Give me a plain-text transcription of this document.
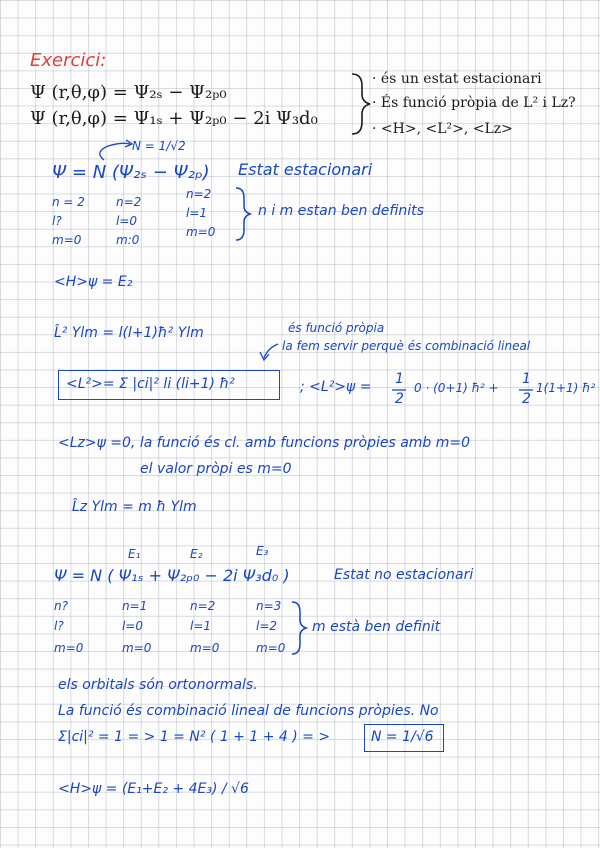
Exercici:
Ψ (r,θ,φ) = Ψ₂ₛ − Ψ₂ₚ₀
Ψ (r,θ,φ) = Ψ₁ₛ + Ψ₂ₚ₀ − 2i Ψ₃d₀
· és un estat estacionari
· És funció pròpia de L² i Lz?
· <H>, <L²>, <Lz>
N = 1/√2
Ψ = N (Ψ₂ₛ − Ψ₂ₚ) Estat estacionari
n = 2
l?
m=0
n=2
l=0
m:0
n=2
l=1
m=0
n i m estan ben definits
<H>ψ = E₂
L̂² Ylm = l(l+1)ħ² Ylm	és funció pròpia
la fem servir perquè és combinació lineal
<L²>= Σ |ci|² li (li+1) ħ²	; <L²>ψ = 1
2
0 · (0+1) ħ² +
1
2
1(1+1) ħ²
<Lz>ψ =0, la funció és cl. amb funcions pròpies amb m=0
el valor pròpi es m=0
L̂z Ylm = m ħ Ylm
E₁	E₂	E₃
Ψ = N ( Ψ₁ₛ + Ψ₂ₚ₀ − 2i Ψ₃d₀ )	Estat no estacionari
n?
l?
m=0
n=1
l=0
m=0
n=2
l=1
m=0
n=3
l=2
m=0
m està ben definit
els orbitals són ortonormals.
La funció és combinació lineal de funcions pròpies. No
Σ|ci|² = 1 = > 1 = N² ( 1 + 1 + 4 ) = >	N = 1/√6
<H>ψ = (E₁+E₂ + 4E₃) / √6
